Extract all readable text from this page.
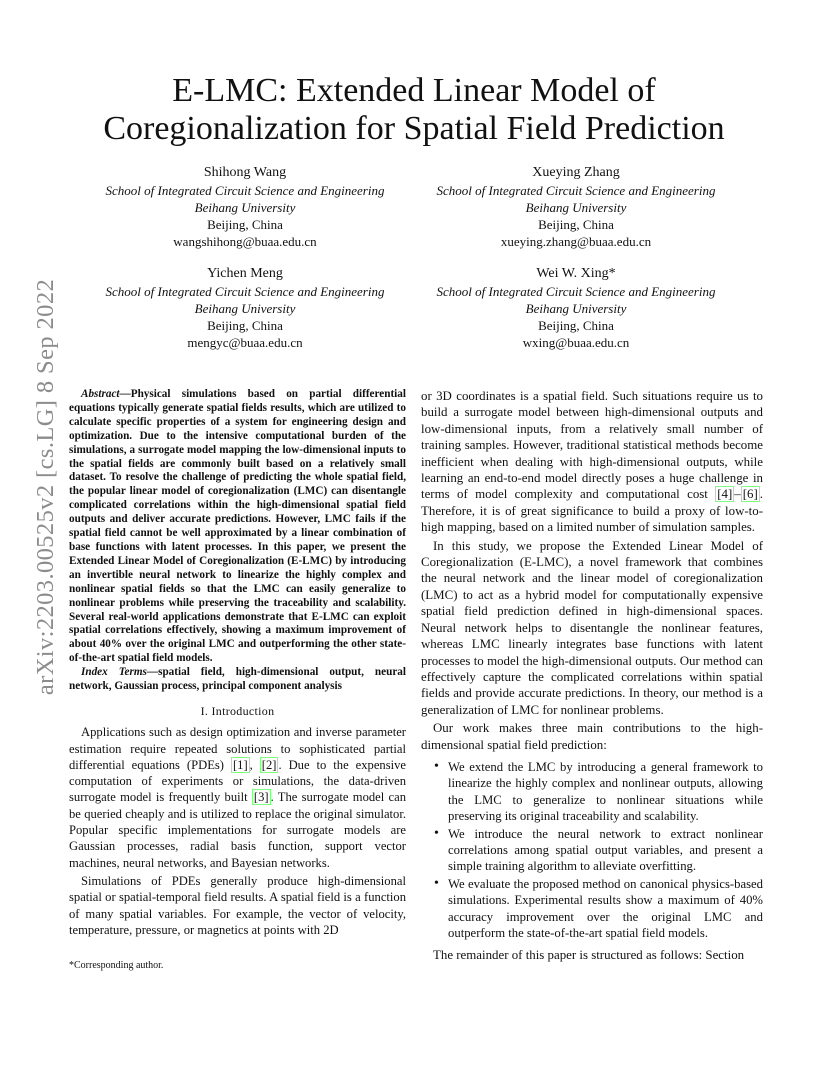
arXiv:2203.00525v2 [cs.LG] 8 Sep 2022
E-LMC: Extended Linear Model of Coregionalization for Spatial Field Prediction
Shihong Wang
School of Integrated Circuit Science and Engineering
Beihang University
Beijing, China
wangshihong@buaa.edu.cn
Xueying Zhang
School of Integrated Circuit Science and Engineering
Beihang University
Beijing, China
xueying.zhang@buaa.edu.cn
Yichen Meng
School of Integrated Circuit Science and Engineering
Beihang University
Beijing, China
mengyc@buaa.edu.cn
Wei W. Xing*
School of Integrated Circuit Science and Engineering
Beihang University
Beijing, China
wxing@buaa.edu.cn

Abstract—Physical simulations based on partial differential equations typically generate spatial fields results, which are utilized to calculate specific properties of a system for engineering design and optimization. Due to the intensive computational burden of the simulations, a surrogate model mapping the low-dimensional inputs to the spatial fields are commonly built based on a relatively small dataset. To resolve the challenge of predicting the whole spatial field, the popular linear model of coregionalization (LMC) can disentangle complicated correlations within the high-dimensional spatial field outputs and deliver accurate predictions. However, LMC fails if the spatial field cannot be well approximated by a linear combination of base functions with latent processes. In this paper, we present the Extended Linear Model of Coregionalization (E-LMC) by introducing an invertible neural network to linearize the highly complex and nonlinear spatial fields so that the LMC can easily generalize to nonlinear problems while preserving the traceability and scalability. Several real-world applications demonstrate that E-LMC can exploit spatial correlations effectively, showing a maximum improvement of about 40% over the original LMC and outperforming the other state-of-the-art spatial field models.

Index Terms—spatial field, high-dimensional output, neural network, Gaussian process, principal component analysis

I. Introduction

Applications such as design optimization and inverse parameter estimation require repeated solutions to sophisticated partial differential equations (PDEs) [1] , [2] . Due to the expensive computation of experiments or simulations, the data-driven surrogate model is frequently built [3] . The surrogate model can be queried cheaply and is utilized to replace the original simulator. Popular specific implementations for surrogate models are Gaussian processes, radial basis function, support vector machines, neural networks, and Bayesian networks.

Simulations of PDEs generally produce high-dimensional spatial or spatial-temporal field results. A spatial field is a function of many spatial variables. For example, the vector of velocity, temperature, pressure, or magnetics at points with 2D

or 3D coordinates is a spatial field. Such situations require us to build a surrogate model between high-dimensional outputs and low-dimensional inputs, from a relatively small number of training samples. However, traditional statistical methods become inefficient when dealing with high-dimensional outputs, while learning an end-to-end model directly poses a huge challenge in terms of model complexity and computational cost [4] – [6] . Therefore, it is of great significance to build a proxy of low-to-high mapping, based on a limited number of simulation samples.

In this study, we propose the Extended Linear Model of Coregionalization (E-LMC), a novel framework that combines the neural network and the linear model of coregionalization (LMC) to act as a hybrid model for computationally expensive spatial field prediction defined in high-dimensional spaces. Neural network helps to disentangle the nonlinear features, whereas LMC linearly integrates base functions with latent processes to model the high-dimensional outputs. Our method can effectively capture the complicated correlations within spatial fields and provide accurate predictions. In theory, our method is a generalization of LMC for nonlinear problems.

Our work makes three main contributions to the high-dimensional spatial field prediction:

• We extend the LMC by introducing a general framework to linearize the highly complex and nonlinear outputs, allowing the LMC to generalize to nonlinear situations while preserving its original traceability and scalability.
• We introduce the neural network to extract nonlinear correlations among spatial output variables, and present a simple training algorithm to alleviate overfitting.
• We evaluate the proposed method on canonical physics-based simulations. Experimental results show a maximum of 40% accuracy improvement over the original LMC and outperform the state-of-the-art spatial field models.

The remainder of this paper is structured as follows: Section

*Corresponding author.
